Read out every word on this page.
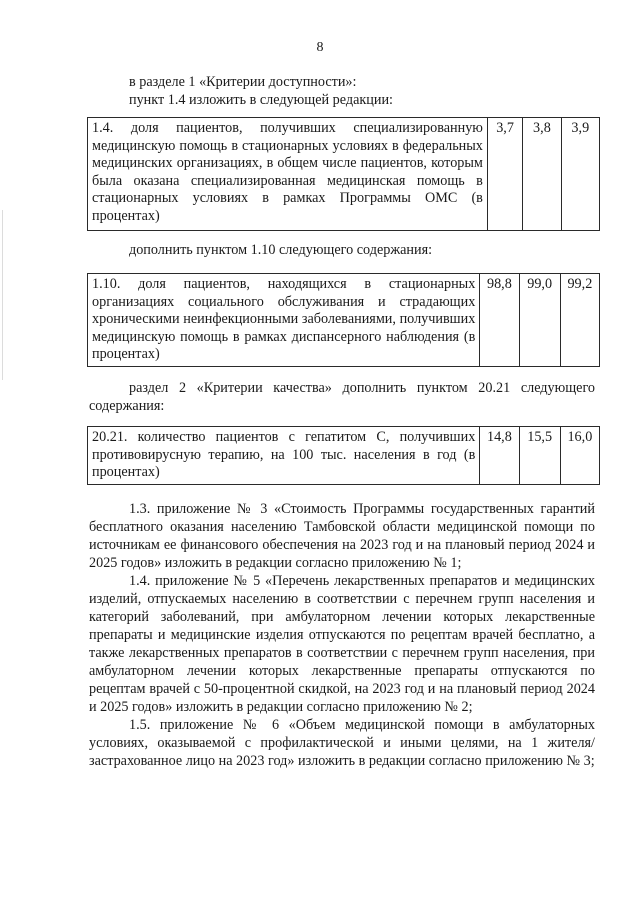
8
в разделе 1 «Критерии доступности»:
пункт 1.4 изложить в следующей редакции:
1.4. доля пациентов, получивших специализированную медицинскую помощь в стационарных условиях в федеральных медицинских организациях, в общем числе пациентов, которым была оказана специализированная медицинская помощь в стационарных условиях в рамках Программы ОМС (в процентах)	3,7	3,8	3,9
дополнить пунктом 1.10 следующего содержания:
1.10. доля пациентов, находящихся в стационарных организациях социального обслуживания и страдающих хроническими неинфекционными заболеваниями, получивших медицинскую помощь в рамках диспансерного наблюдения (в процентах)	98,8	99,0	99,2

раздел 2 «Критерии качества» дополнить пунктом 20.21 следующего содержания:

20.21. количество пациентов с гепатитом С, получивших противовирусную терапию, на 100 тыс. населения в год (в процентах)	14,8	15,5	16,0

1.3. приложение № 3 «Стоимость Программы государственных гарантий бесплатного оказания населению Тамбовской области медицинской помощи по источникам ее финансового обеспечения на 2023 год и на плановый период 2024 и 2025 годов» изложить в редакции согласно приложению № 1;

1.4. приложение № 5 «Перечень лекарственных препаратов и медицинских изделий, отпускаемых населению в соответствии с перечнем групп населения и категорий заболеваний, при амбулаторном лечении которых лекарственные препараты и медицинские изделия отпускаются по рецептам врачей бесплатно, а также лекарственных препаратов в соответствии с перечнем групп населения, при амбулаторном лечении которых лекарственные препараты отпускаются по рецептам врачей с 50-процентной скидкой, на 2023 год и на плановый период 2024 и 2025 годов» изложить в редакции согласно приложению № 2;

1.5. приложение № 6 «Объем медицинской помощи в амбулаторных условиях, оказываемой с профилактической и иными целями, на 1 жителя/застрахованное лицо на 2023 год» изложить в редакции согласно приложению № 3;
